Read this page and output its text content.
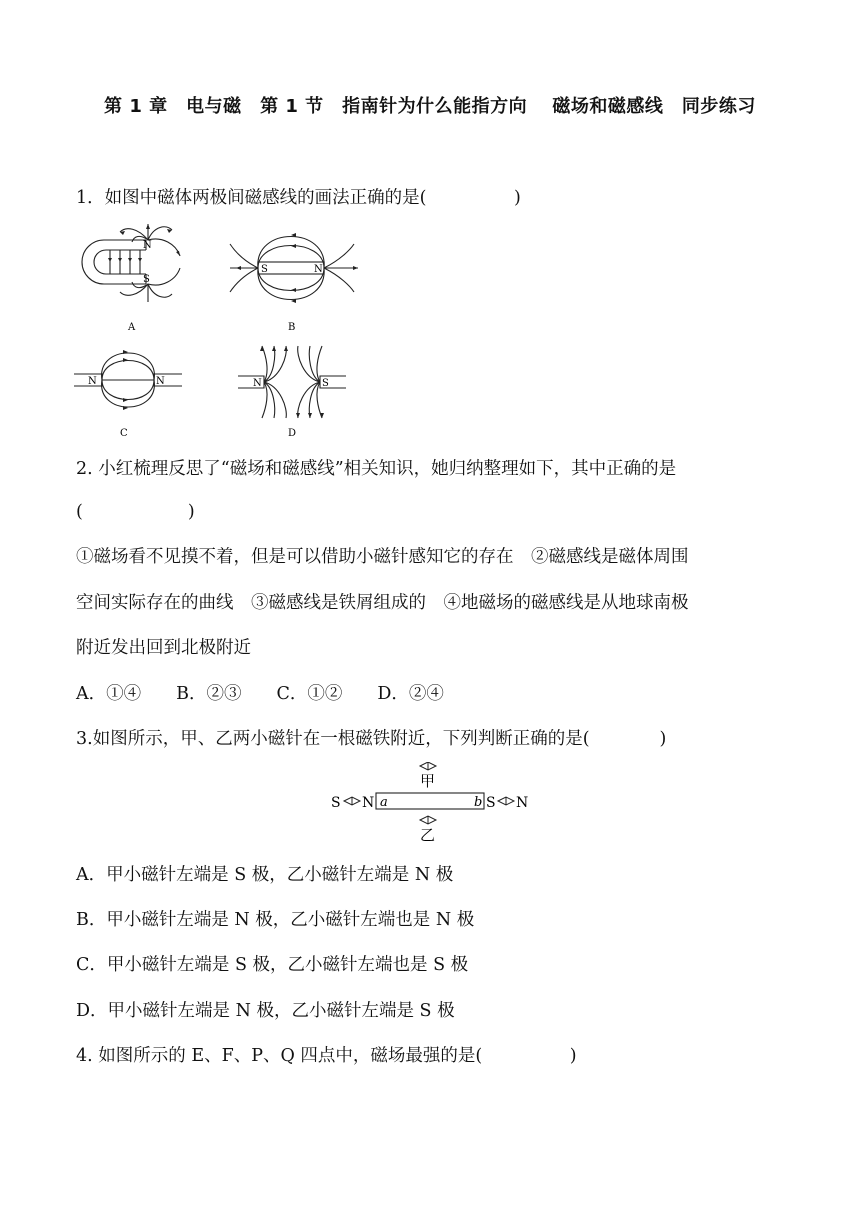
第 1 章　电与磁　第 1 节　指南针为什么能指方向　 磁场和磁感线　同步练习
1．如图中磁体两极间磁感线的画法正确的是(　　　　　)
N
S
A
S	N
B
N	N
C
N	S
D
2. 小红梳理反思了“磁场和磁感线”相关知识，她归纳整理如下，其中正确的是
(　　　　　　)
①磁场看不见摸不着，但是可以借助小磁针感知它的存在　②磁感线是磁体周围
空间实际存在的曲线　③磁感线是铁屑组成的　④地磁场的磁感线是从地球南极
附近发出回到北极附近
A．①④　　B．②③　　C．①②　　D．②④
3.如图所示，甲、乙两小磁针在一根磁铁附近，下列判断正确的是(　　　　)
甲
S N a	b S N
乙
A．甲小磁针左端是 S 极，乙小磁针左端是 N 极
B．甲小磁针左端是 N 极，乙小磁针左端也是 N 极
C．甲小磁针左端是 S 极，乙小磁针左端也是 S 极
D．甲小磁针左端是 N 极，乙小磁针左端是 S 极
4. 如图所示的 E、F、P、Q 四点中，磁场最强的是(　　　　　)
